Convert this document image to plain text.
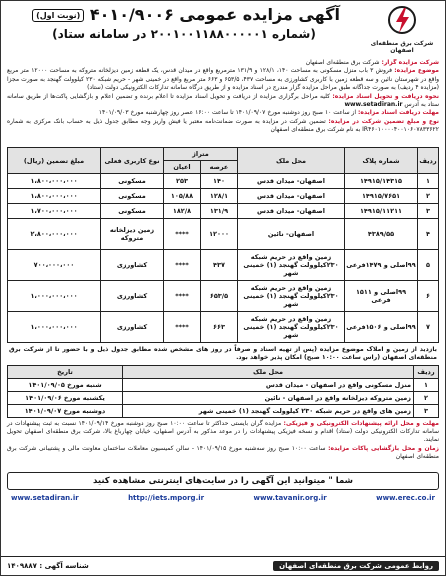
شرکت برق منطقه‌ای اصفهان
آگهی مزایده عمومی ۴۰۱۰/۹۰۰۶ (نوبت اول)
(شماره ۲۰۰۱۰۰۱۱۸۸۰۰۰۰۰۱ در سامانه ستاد)
شرکت مزایده گزار: شرکت برق منطقه‌ای اصفهان
موضوع مزایده: فروش ۳ باب منزل مسکونی به مساحت ۱۴۰، ۱۲۸/۱ و ۱۳۱/۹ مترمربع واقع در میدان قدس، یک قطعه زمین دیزلخانه متروکه به مساحت ۱۲۰۰۰ متر مربع واقع در شهرستان نائین و سه قطعه زمین با کاربری کشاورزی به مساحت ۴۳۷، ۶۵۳/۵ و ۶۶۳ متر مربع واقع در خمینی شهر - حریم شبکه ۲۳۰ کیلوولت گهنجد به صورت مجزا (مزایده ۴ ردیف) به صورت جداگانه طبق مراحل مزایده گزار مندرج در اسناد مزایده و از طریق درگاه سامانه تدارکات الکترونیکی دولت (ستاد)
نحوه دریافت و تحویل اسناد مزایده: کلیه مراحل برگزاری مزایده از دریافت و تحویل اسناد مزایده تا اعلام برنده و تضمین اعلام و بازگشایی پاکت‌ها از طریق سامانه ستاد به آدرس www.setadiran.ir
مهلت دریافت اسناد مزایده: از ساعت ۱۰ صبح روز دوشنبه مورخ ۱۴۰۱/۰۹/۰۷ تا ساعت ۱۶:۰۰ عصر روز چهارشنبه مورخ ۱۴۰۱/۰۹/۰۳
نوع و مبلغ تضمین شرکت در مزایده: تضمین شرکت در مزایده به صورت ضمانت‌نامه معتبر یا فیش واریز وجه مطابق جدول ذیل به حساب بانک مرکزی به شماره IR۴۶۰۱۰۰۰۰۴۰۰۱۰۶۰۷۸۳۳۶۲۲ به نام شرکت برق منطقه‌ای اصفهان
ردیف	شماره پلاک	محل ملک	متراژ		نوع کاربری فعلی	مبلغ تضمین (ریال)
			عرصه	اعیان		
۱	۱۴۹۱۵/۱۴۳۱۵	اصفهان- میدان قدس	۱۴۰	۲۵۳	مسکونی	۱،۸۰۰،۰۰۰،۰۰۰
۲	۱۴۹۱۵/۷۶۵۱	اصفهان- میدان قدس	۱۲۸/۱	۱۰۵/۸۸	مسکونی	۱،۸۰۰،۰۰۰،۰۰۰
۳	۱۴۹۱۵/۱۱۲۱۱	اصفهان- میدان قدس	۱۳۱/۹	۱۸۲/۸	مسکونی	۱،۷۰۰،۰۰۰،۰۰۰
۴	۴۳۸۹/۵۵	اصفهان- نائین	۱۲۰۰۰	****	زمین دیزلخانه متروکه	۲،۸۰۰،۰۰۰،۰۰۰
۵	۹۹اصلی و ۱۴۷۹فرعی	زمین واقع در حریم شبکه ۲۳۰کیلوولت گهنجد (۱) خمینی شهر	۴۳۷	****	کشاورزی	۷۰۰،۰۰۰،۰۰۰
۶	۹۹اصلی و ۱۵۱۱ فرعی	زمین واقع در حریم شبکه ۲۳۰کیلوولت گهنجد (۱) خمینی شهر	۶۵۳/۵	****	کشاورزی	۱،۰۰۰،۰۰۰،۰۰۰
۷	۹۹اصلی و ۱۵۰۶فرعی	زمین واقع در حریم شبکه ۲۳۰کیلوولت گهنجد (۱) خمینی شهر	۶۶۳	****	کشاورزی	۱،۰۰۰،۰۰۰،۰۰۰
بازدید از زمین و املاک موضوع مزایده (پس از تهیه اسناد و صرفاً در روز های مشخص شده مطابق جدول ذیل و با حضور تا از شرکت برق منطقه‌ای اصفهان (راس ساعت ۱۰:۰۰ صبح) امکان پذیر خواهد بود.
ردیف	محل ملک	تاریخ
۱	منزل مسکونی واقع در اصفهان - میدان قدس	شنبه مورخ ۱۴۰۱/۰۹/۰۵
۲	زمین متروکه دیزلخانه واقع در اصفهان - نائین	یکشنبه مورخ ۱۴۰۱/۰۹/۰۶
۳	زمین های واقع در حریم شبکه ۲۳۰ کیلوولت گهنجد (۱) خمینی شهر	دوشنبه مورخ ۱۴۰۱/۰۹/۰۷
مهلت و محل ارائه پیشنهادات الکترونیکی و فیزیکی: مزایده گران بایستی حداکثر تا ساعت ۱۰:۰۰ صبح روز دوشنبه مورخ ۱۴۰۱/۰۹/۱۴ نسبت به ثبت پیشنهادات در سامانه تدارکات الکترونیکی دولت (ستاد) اقدام و نسخه فیزیکی پیشنهادات را در موعد مذکور به آدرس اصفهان، خیابان چهارباغ بالا، شرکت برق منطقه‌ای اصفهان تحویل نمایند.
زمان و محل بازگشایی پاکات مزایده: ساعت ۱۰:۰۰ صبح روز سه‌شنبه مورخ ۱۴۰۱/۰۹/۱۵ - سالن کمیسیون معاملات ساختمان معاونت مالی و پشتیبانی شرکت برق منطقه‌ای اصفهان
شما " میتوانید این آگهی را در سایت‌های اینترنتی مشاهده کنید
www.setadiran.ir	http://iets.mporg.ir	www.tavanir.org.ir	www.erec.co.ir
روابط عمومی شرکت برق منطقه‌ای اصفهان
شناسه آگهی : ۱۴۰۹۸۸۷
